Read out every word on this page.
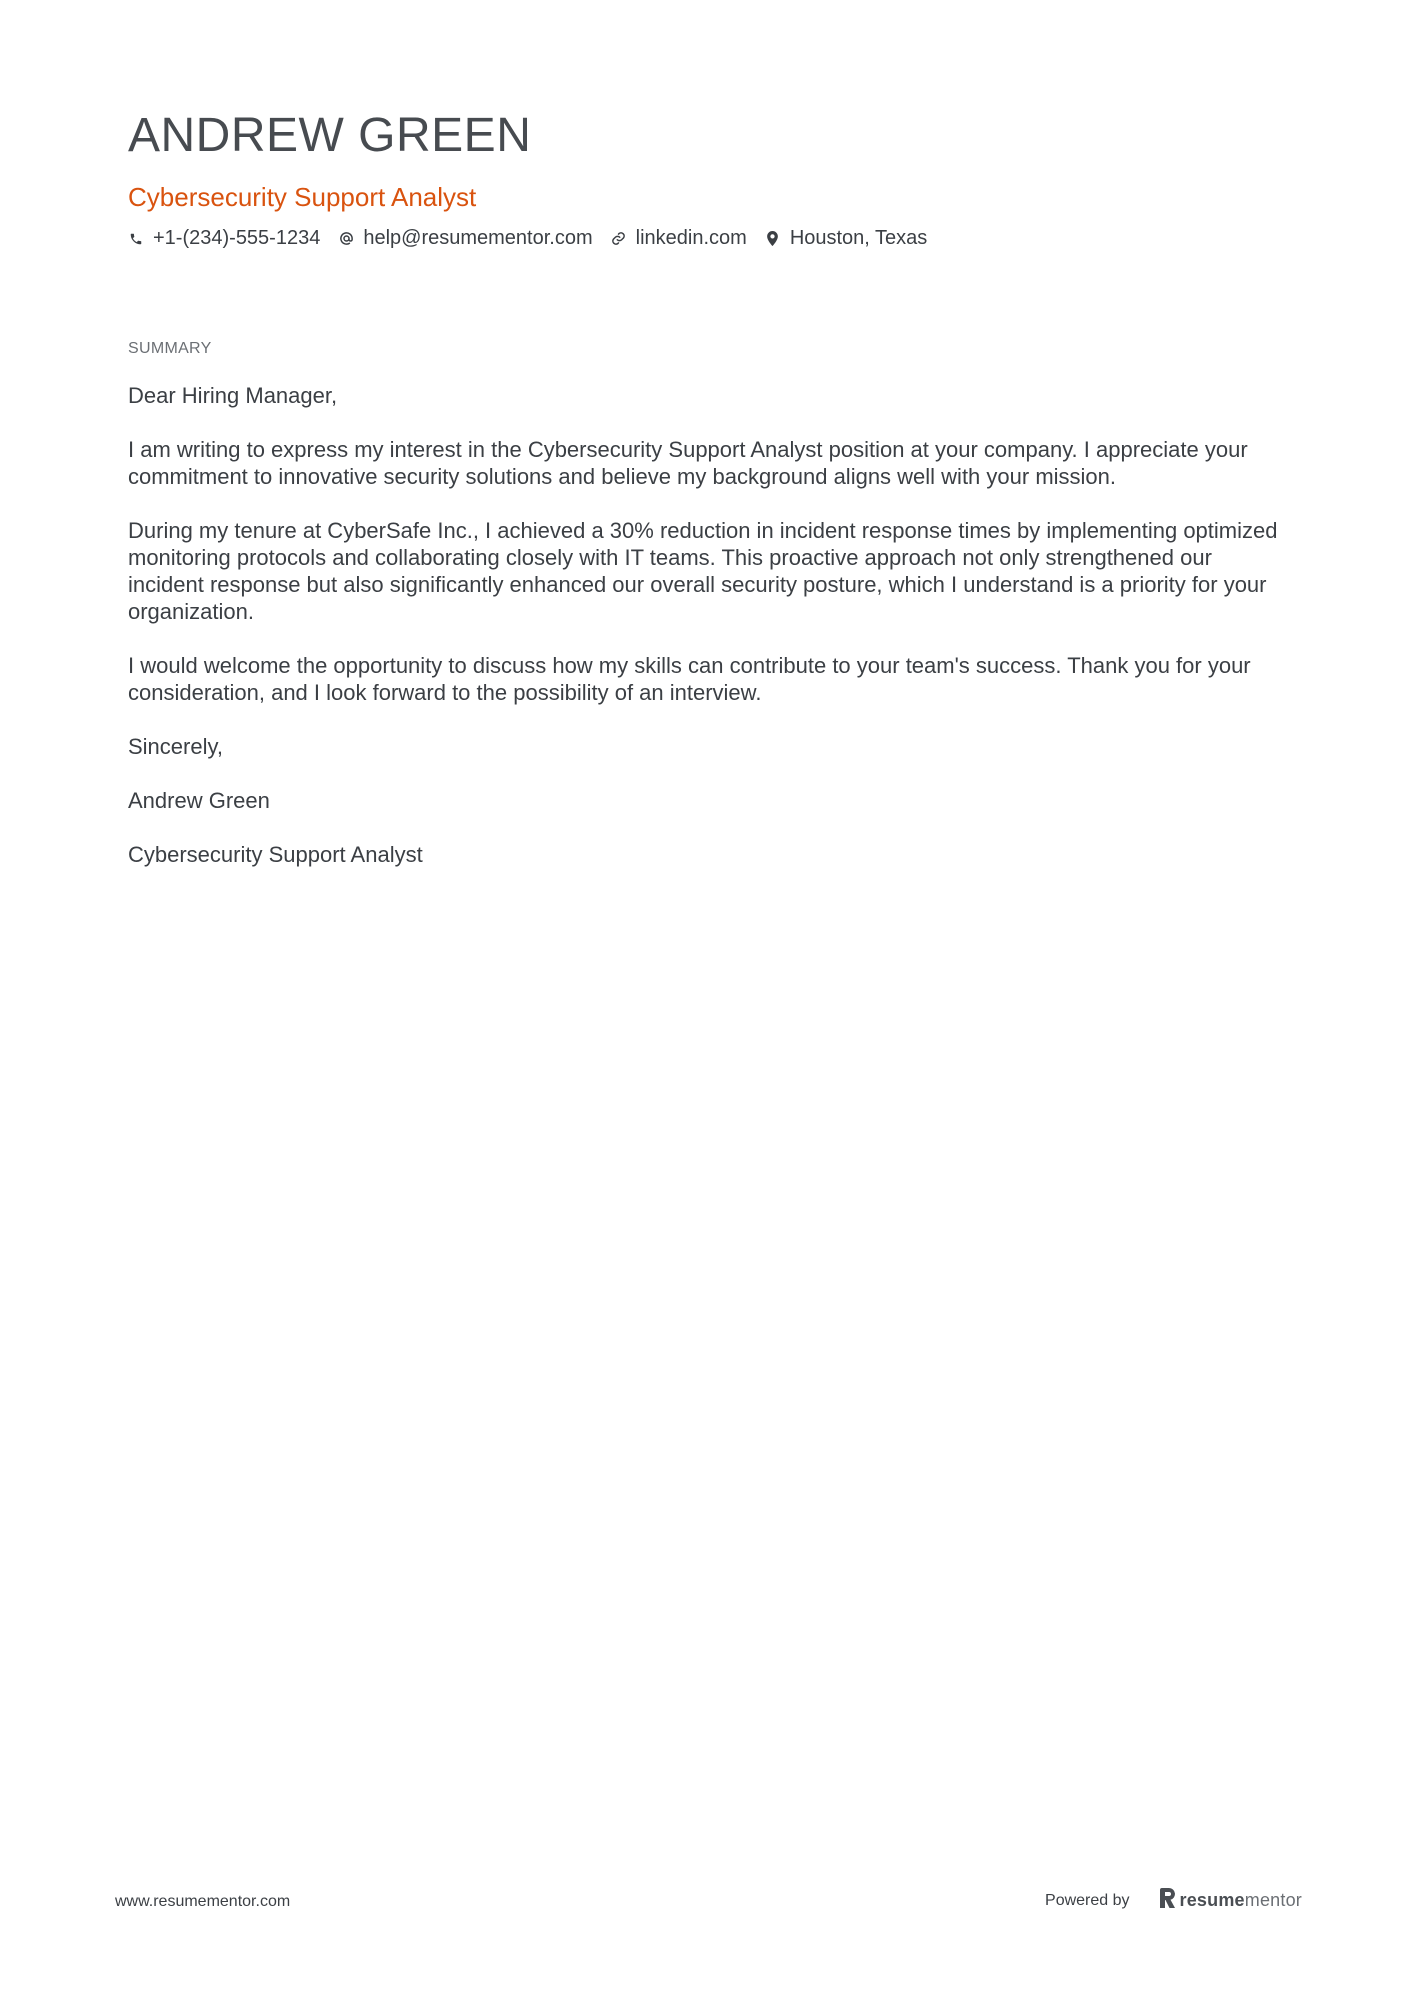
ANDREW GREEN
Cybersecurity Support Analyst
+1-(234)-555-1234 help@resumementor.com linkedin.com Houston, Texas
SUMMARY

Dear Hiring Manager,

I am writing to express my interest in the Cybersecurity Support Analyst position at your company. I appreciate your commitment to innovative security solutions and believe my background aligns well with your mission.

During my tenure at CyberSafe Inc., I achieved a 30% reduction in incident response times by implementing optimized monitoring protocols and collaborating closely with IT teams. This proactive approach not only strengthened our incident response but also significantly enhanced our overall security posture, which I understand is a priority for your organization.

I would welcome the opportunity to discuss how my skills can contribute to your team's success. Thank you for your consideration, and I look forward to the possibility of an interview.

Sincerely,

Andrew Green

Cybersecurity Support Analyst

www.resumementor.com	Powered by	resume mentor
